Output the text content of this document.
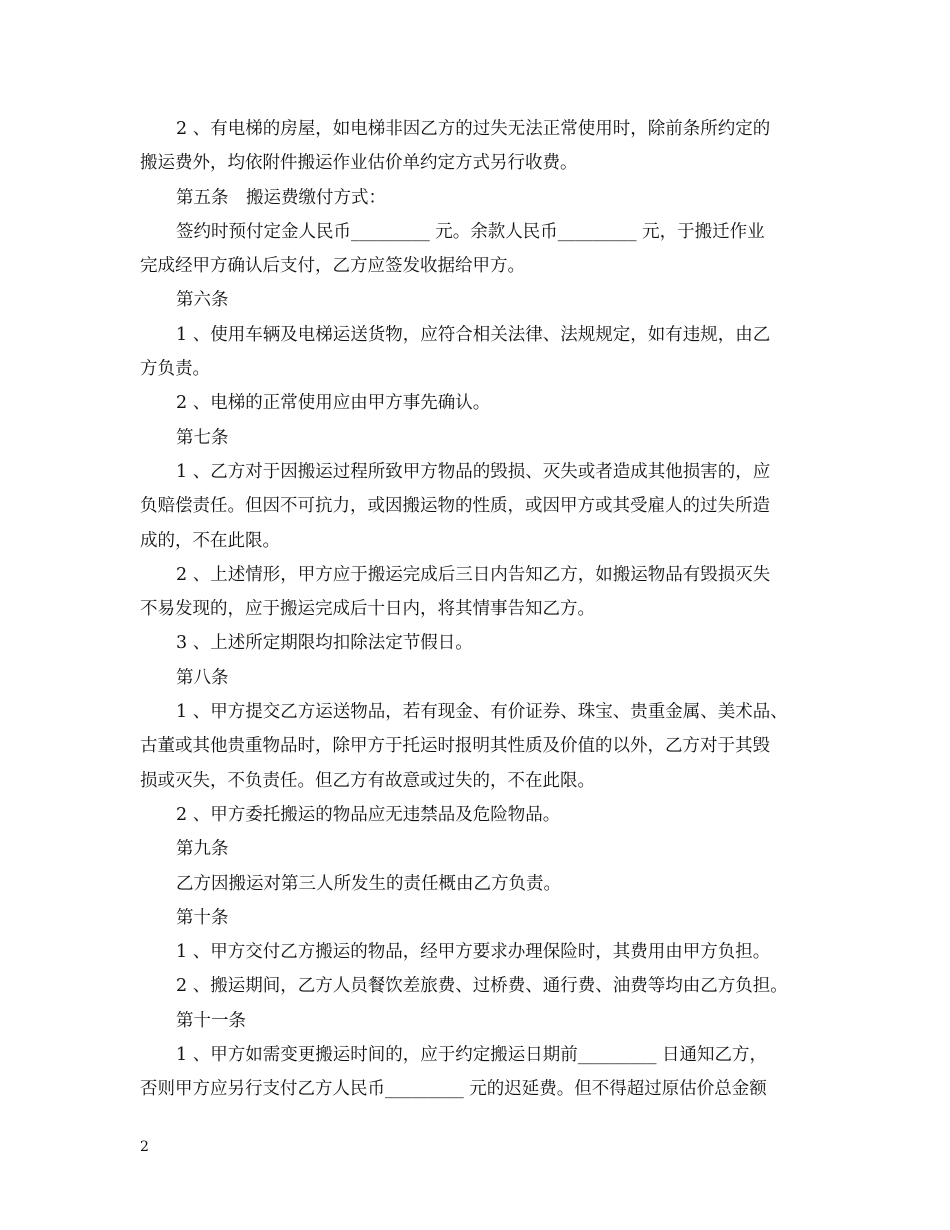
2 、有电梯的房屋，如电梯非因乙方的过失无法正常使用时，除前条所约定的

搬运费外，均依附件搬运作业估价单约定方式另行收费。

第五条　搬运费缴付方式：

签约时预付定金人民币_________ 元。余款人民币_________ 元，于搬迁作业

完成经甲方确认后支付，乙方应签发收据给甲方。

第六条

1 、使用车辆及电梯运送货物，应符合相关法律、法规规定，如有违规，由乙

方负责。

2 、电梯的正常使用应由甲方事先确认。

第七条

1 、乙方对于因搬运过程所致甲方物品的毁损、灭失或者造成其他损害的，应

负赔偿责任。但因不可抗力，或因搬运物的性质，或因甲方或其受雇人的过失所造

成的，不在此限。

2 、上述情形，甲方应于搬运完成后三日内告知乙方，如搬运物品有毁损灭失

不易发现的，应于搬运完成后十日内，将其情事告知乙方。

3 、上述所定期限均扣除法定节假日。

第八条

1 、甲方提交乙方运送物品，若有现金、有价证券、珠宝、贵重金属、美术品、

古董或其他贵重物品时，除甲方于托运时报明其性质及价值的以外，乙方对于其毁

损或灭失，不负责任。但乙方有故意或过失的，不在此限。

2 、甲方委托搬运的物品应无违禁品及危险物品。

第九条

乙方因搬运对第三人所发生的责任概由乙方负责。

第十条

1 、甲方交付乙方搬运的物品，经甲方要求办理保险时，其费用由甲方负担。

2 、搬运期间，乙方人员餐饮差旅费、过桥费、通行费、油费等均由乙方负担。

第十一条

1 、甲方如需变更搬运时间的，应于约定搬运日期前_________ 日通知乙方，

否则甲方应另行支付乙方人民币_________ 元的迟延费。但不得超过原估价总金额

2
